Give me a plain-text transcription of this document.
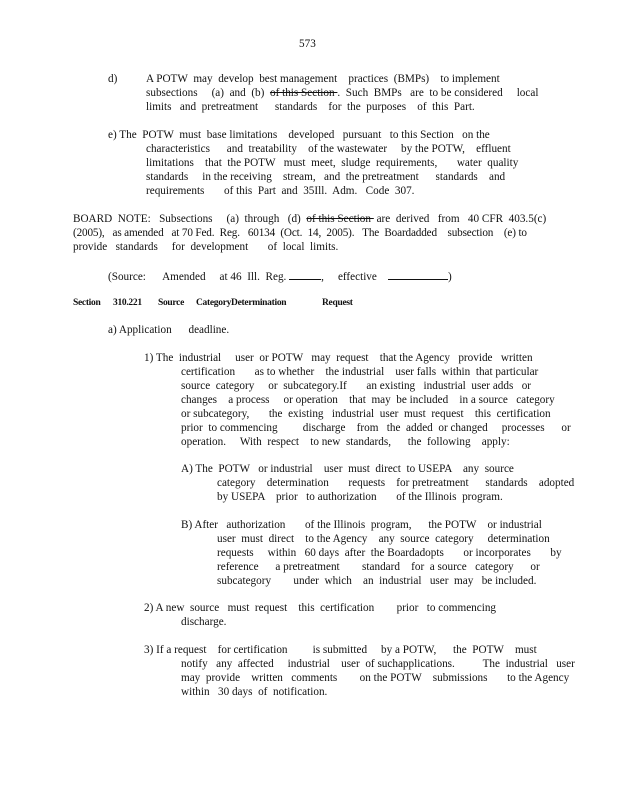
573
d)	A POTW  may  develop  best management    practices  (BMPs)    to implement
subsections     (a)  and  (b)  of this Section .  Such  BMPs   are  to be considered     local
limits   and  pretreatment      standards    for  the  purposes    of  this  Part.
e) The  POTW  must  base limitations    developed   pursuant   to this Section   on the
characteristics      and  treatability    of the wastewater     by the POTW,    effluent
limitations    that  the POTW   must  meet,  sludge  requirements,       water  quality
standards     in the receiving    stream,   and  the pretreatment      standards    and
requirements       of this  Part  and  35Ill.  Adm.   Code  307.
BOARD  NOTE:   Subsections     (a)  through   (d)  of this Section  are  derived   from   40 CFR  403.5(c)
(2005),   as amended   at 70 Fed.  Reg.   60134  (Oct.  14,  2005).   The  Boardadded    subsection    (e) to
provide   standards     for  development       of  local  limits.
(Source:      Amended     at 46  Ill.  Reg.	,     effective	)
Section 310.221 Source CategoryDetermination	Request
a) Application      deadline.
1) The  industrial     user  or POTW   may  request    that the Agency   provide   written
certification       as to whether    the industrial    user falls  within  that particular
source  category     or  subcategory.If       an existing   industrial  user adds   or
changes    a process     or operation    that  may  be included    in a source   category
or subcategory,       the  existing   industrial  user  must  request    this  certification
prior  to commencing         discharge    from   the  added  or changed     processes      or
operation.     With  respect    to new  standards,      the  following    apply:
A) The  POTW   or industrial    user  must  direct  to USEPA    any  source
category    determination       requests    for pretreatment      standards    adopted
by USEPA    prior   to authorization       of the Illinois  program.
B) After   authorization       of the Illinois  program,      the POTW    or industrial
user  must  direct    to the Agency    any  source  category     determination
requests     within   60 days  after  the Boardadopts       or incorporates       by
reference      a pretreatment        standard    for  a source   category      or
subcategory        under  which    an  industrial   user  may   be included.
2) A new  source   must  request    this  certification        prior   to commencing
discharge.
3) If a request    for certification         is submitted     by a POTW,      the  POTW    must
notify   any  affected     industrial    user  of suchapplications.          The  industrial   user
may  provide    written   comments        on the POTW    submissions       to the Agency
within   30 days  of  notification.
